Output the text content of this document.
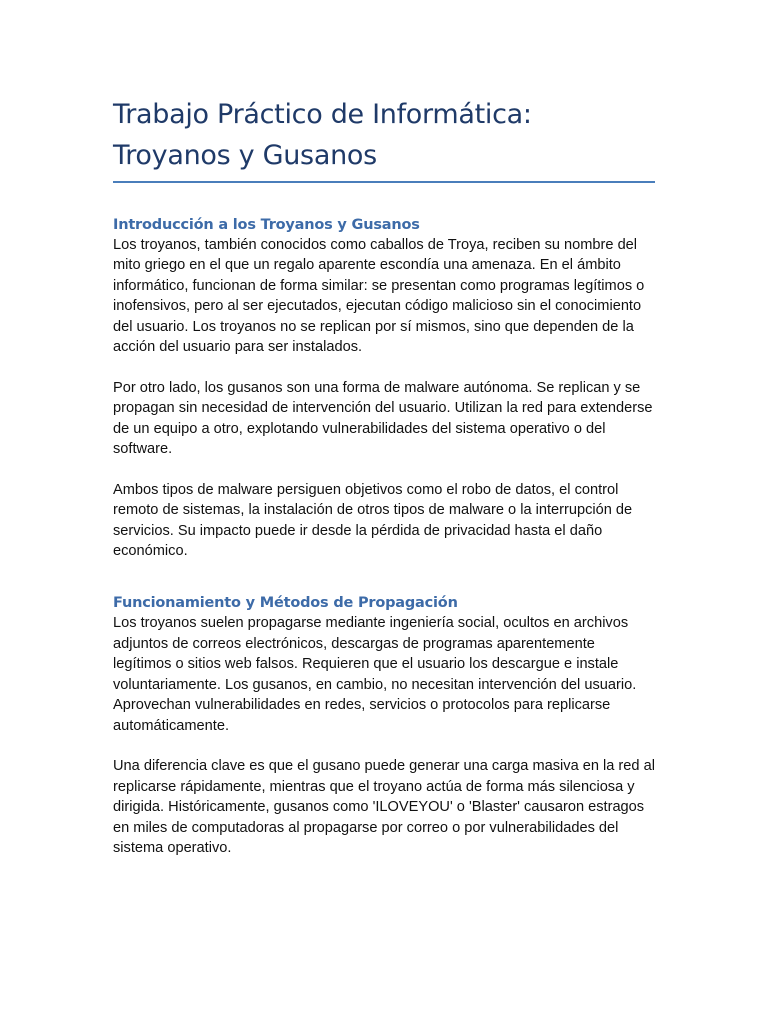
Trabajo Práctico de Informática:
Troyanos y Gusanos
Introducción a los Troyanos y Gusanos

Los troyanos, también conocidos como caballos de Troya, reciben su nombre del mito griego en el que un regalo aparente escondía una amenaza. En el ámbito informático, funcionan de forma similar: se presentan como programas legítimos o inofensivos, pero al ser ejecutados, ejecutan código malicioso sin el conocimiento del usuario. Los troyanos no se replican por sí mismos, sino que dependen de la acción del usuario para ser instalados.

Por otro lado, los gusanos son una forma de malware autónoma. Se replican y se propagan sin necesidad de intervención del usuario. Utilizan la red para extenderse de un equipo a otro, explotando vulnerabilidades del sistema operativo o del software.

Ambos tipos de malware persiguen objetivos como el robo de datos, el control remoto de sistemas, la instalación de otros tipos de malware o la interrupción de servicios. Su impacto puede ir desde la pérdida de privacidad hasta el daño económico.

Funcionamiento y Métodos de Propagación

Los troyanos suelen propagarse mediante ingeniería social, ocultos en archivos adjuntos de correos electrónicos, descargas de programas aparentemente legítimos o sitios web falsos. Requieren que el usuario los descargue e instale voluntariamente. Los gusanos, en cambio, no necesitan intervención del usuario. Aprovechan vulnerabilidades en redes, servicios o protocolos para replicarse automáticamente.

Una diferencia clave es que el gusano puede generar una carga masiva en la red al replicarse rápidamente, mientras que el troyano actúa de forma más silenciosa y dirigida. Históricamente, gusanos como 'ILOVEYOU' o 'Blaster' causaron estragos en miles de computadoras al propagarse por correo o por vulnerabilidades del sistema operativo.
